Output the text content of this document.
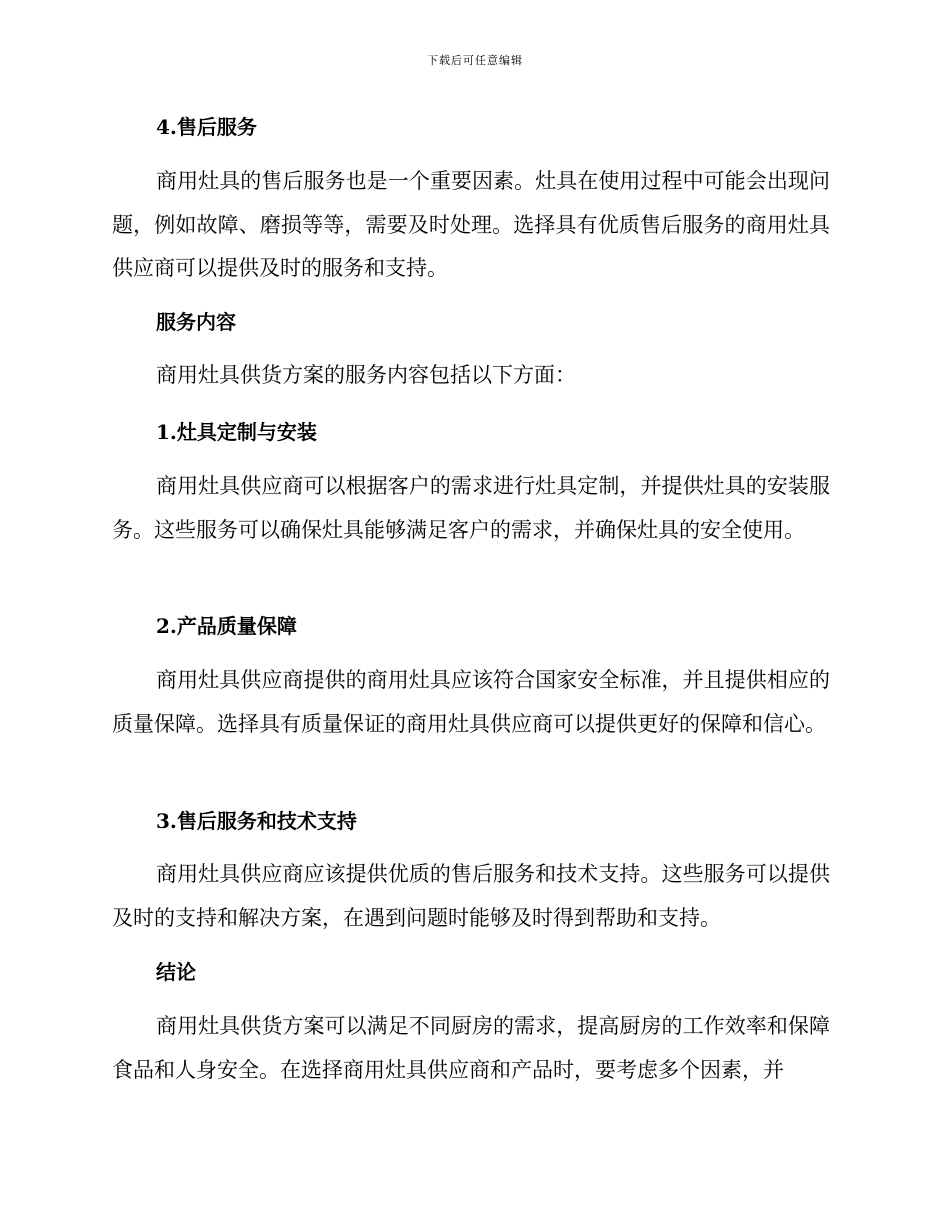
下载后可任意编辑
4.售后服务
商用灶具的售后服务也是一个重要因素。灶具在使用过程中可能会出现问题，例如故障、磨损等等，需要及时处理。选择具有优质售后服务的商用灶具供应商可以提供及时的服务和支持。
服务内容
商用灶具供货方案的服务内容包括以下方面：
1.灶具定制与安装
商用灶具供应商可以根据客户的需求进行灶具定制，并提供灶具的安装服务。这些服务可以确保灶具能够满足客户的需求，并确保灶具的安全使用。
2.产品质量保障
商用灶具供应商提供的商用灶具应该符合国家安全标准，并且提供相应的质量保障。选择具有质量保证的商用灶具供应商可以提供更好的保障和信心。
3.售后服务和技术支持
商用灶具供应商应该提供优质的售后服务和技术支持。这些服务可以提供及时的支持和解决方案，在遇到问题时能够及时得到帮助和支持。
结论
商用灶具供货方案可以满足不同厨房的需求，提高厨房的工作效率和保障食品和人身安全。在选择商用灶具供应商和产品时，要考虑多个因素，并
